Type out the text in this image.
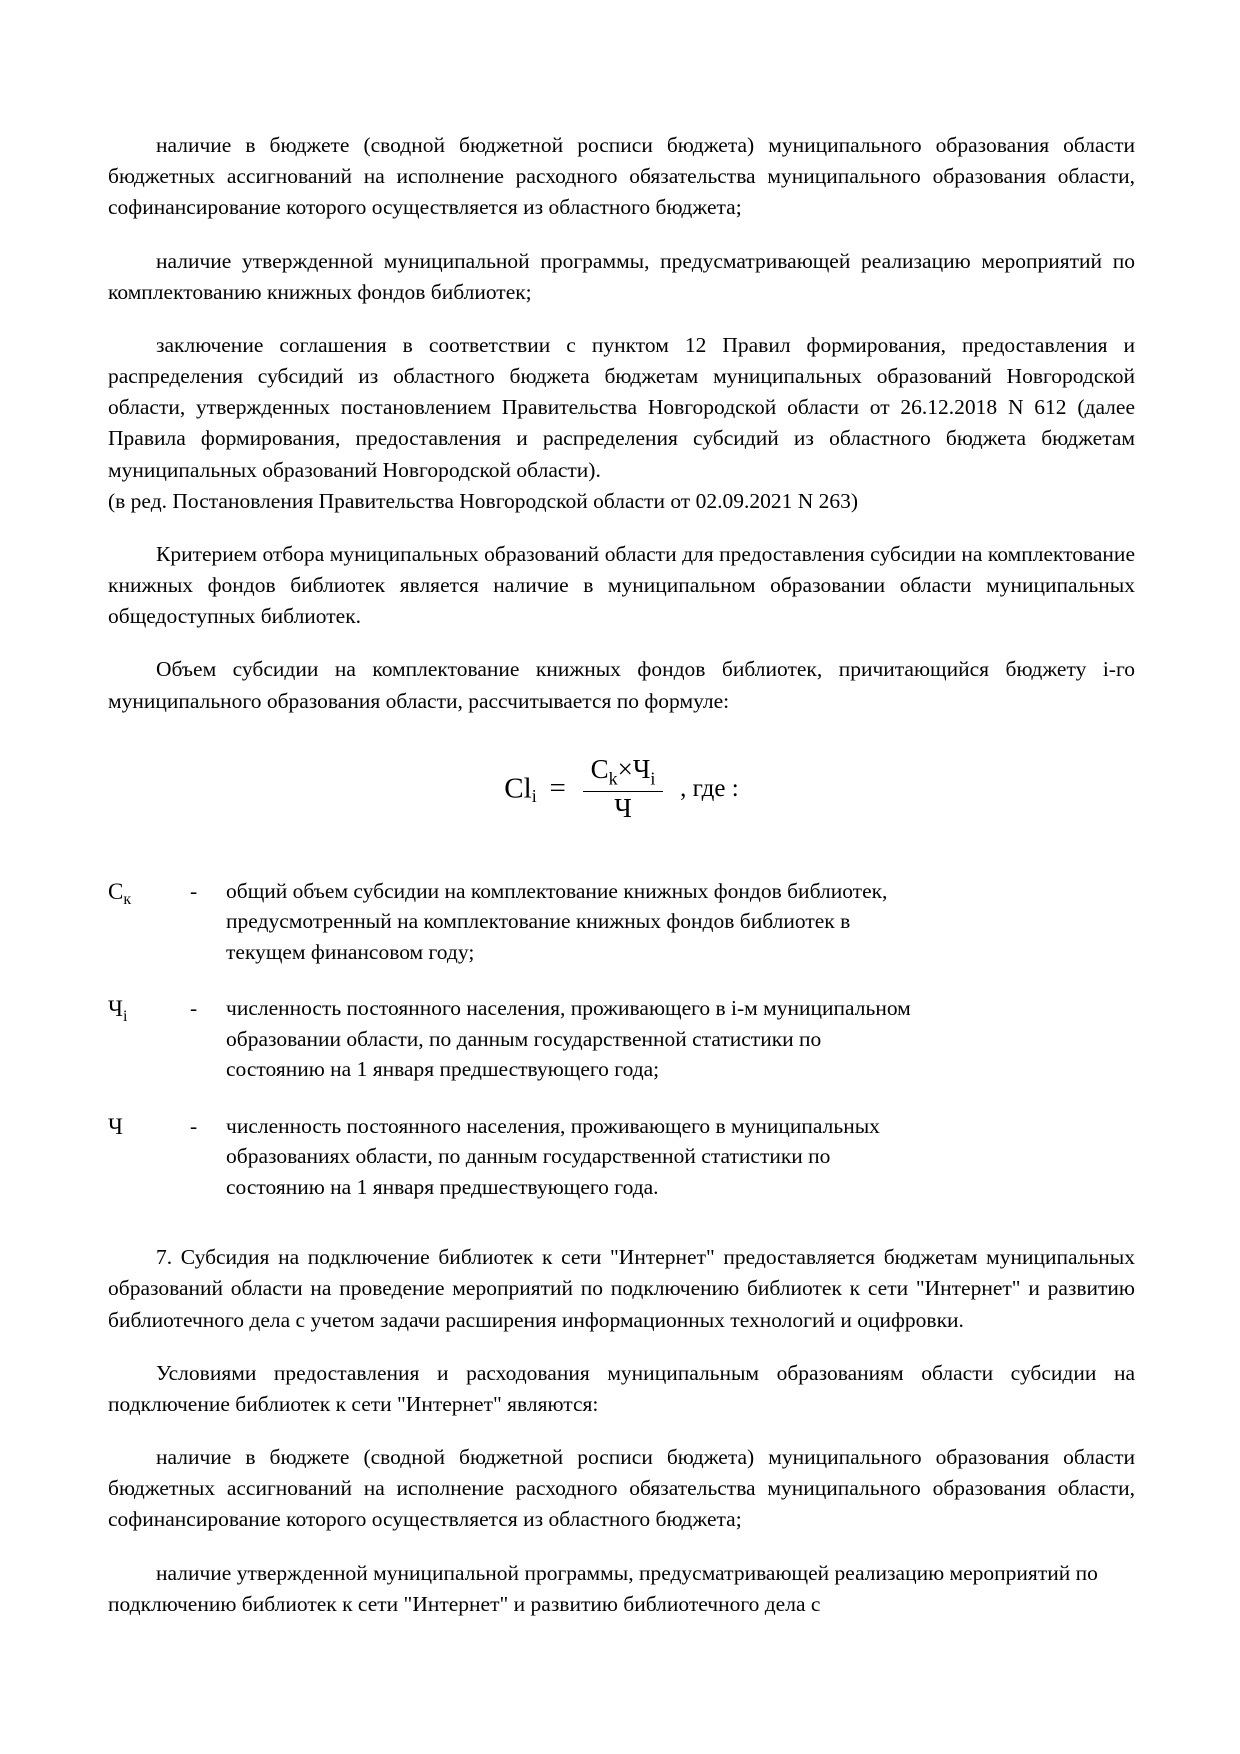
наличие в бюджете (сводной бюджетной росписи бюджета) муниципального образования области бюджетных ассигнований на исполнение расходного обязательства муниципального образования области, софинансирование которого осуществляется из областного бюджета;

наличие утвержденной муниципальной программы, предусматривающей реализацию мероприятий по комплектованию книжных фондов библиотек;

заключение соглашения в соответствии с пунктом 12 Правил формирования, предоставления и распределения субсидий из областного бюджета бюджетам муниципальных образований Новгородской области, утвержденных постановлением Правительства Новгородской области от 26.12.2018 N 612 (далее Правила формирования, предоставления и распределения субсидий из областного бюджета бюджетам муниципальных образований Новгородской области).

(в ред. Постановления Правительства Новгородской области от 02.09.2021 N 263)

Критерием отбора муниципальных образований области для предоставления субсидии на комплектование книжных фондов библиотек является наличие в муниципальном образовании области муниципальных общедоступных библиотек.

Объем субсидии на комплектование книжных фондов библиотек, причитающийся бюджету i-го муниципального образования области, рассчитывается по формуле:

$Cl_i = \frac{C_k\times Ч_i}{Ч}$ , где :
$C_к$	-	общий объем субсидии на комплектование книжных фондов библиотек,
предусмотренный на комплектование книжных фондов библиотек в
текущем финансовом году;
$Ч_i$	-	численность постоянного населения, проживающего в i-м муниципальном
образовании области, по данным государственной статистики по
состоянию на 1 января предшествующего года;
Ч	-	численность постоянного населения, проживающего в муниципальных
образованиях области, по данным государственной статистики по
состоянию на 1 января предшествующего года.

7. Субсидия на подключение библиотек к сети "Интернет" предоставляется бюджетам муниципальных образований области на проведение мероприятий по подключению библиотек к сети "Интернет" и развитию библиотечного дела с учетом задачи расширения информационных технологий и оцифровки.

Условиями предоставления и расходования муниципальным образованиям области субсидии на подключение библиотек к сети "Интернет" являются:

наличие в бюджете (сводной бюджетной росписи бюджета) муниципального образования области бюджетных ассигнований на исполнение расходного обязательства муниципального образования области, софинансирование которого осуществляется из областного бюджета;

наличие утвержденной муниципальной программы, предусматривающей реализацию мероприятий по подключению библиотек к сети "Интернет" и развитию библиотечного дела с
